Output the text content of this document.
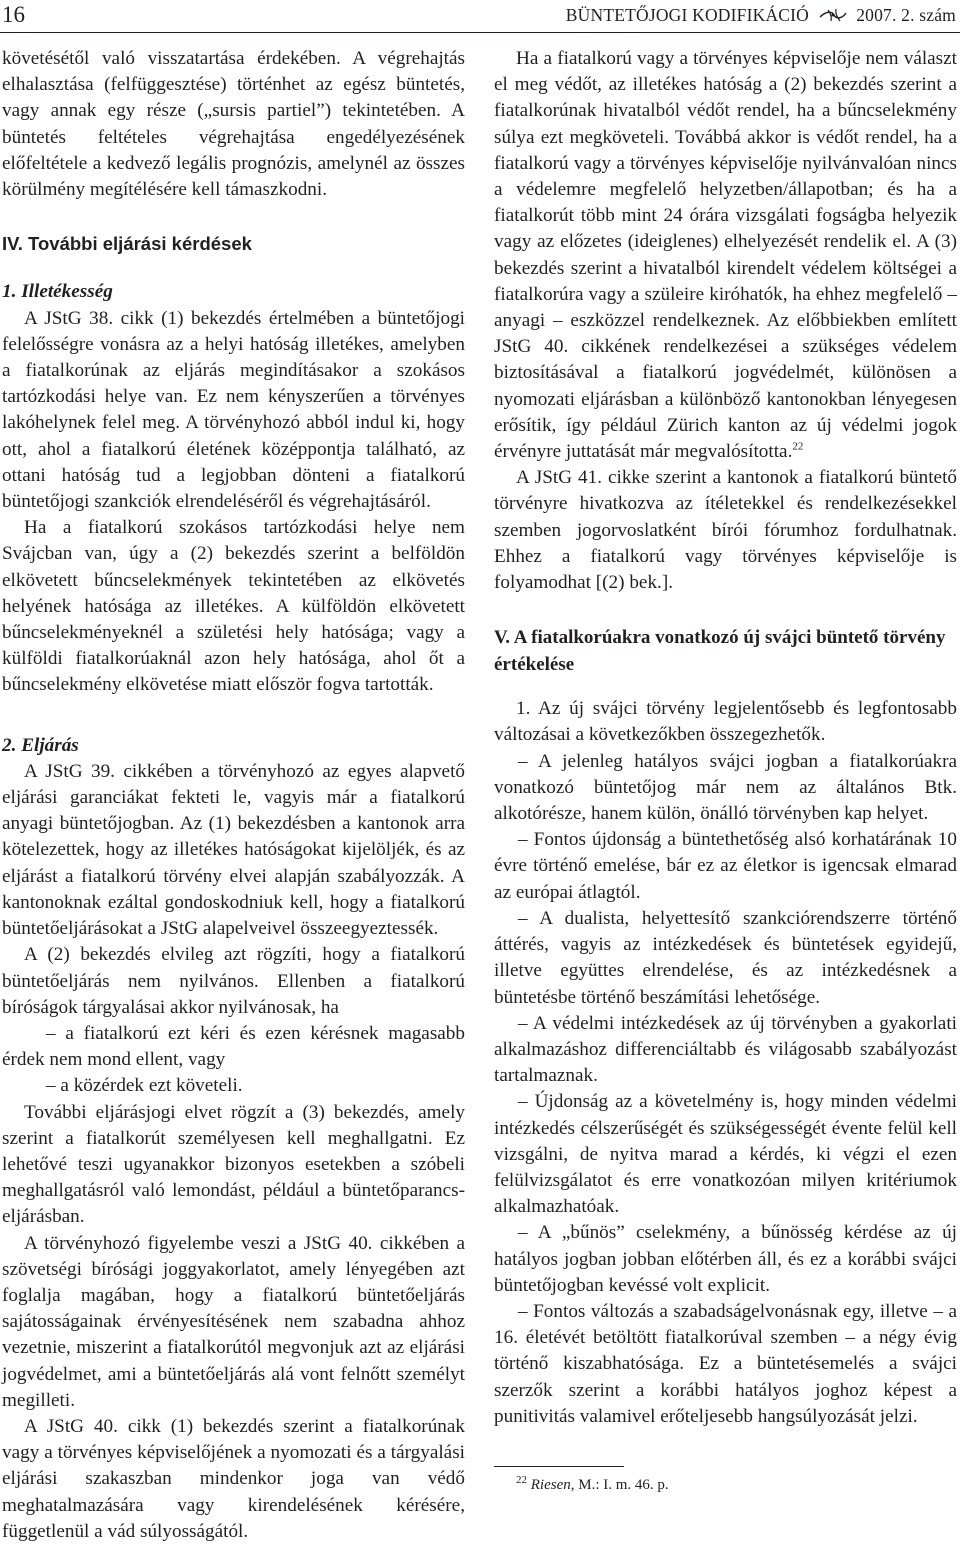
16	BÜNTETŐJOGI KODIFIKÁCIÓ	2007. 2. szám

követésétől való visszatartása érdekében. A végrehajtás elhalasztása (felfüggesztése) történhet az egész büntetés, vagy annak egy része („sursis partiel”) tekintetében. A büntetés feltételes végrehajtása engedélyezésének előfeltétele a kedvező legális prognózis, amelynél az összes körülmény megítélésére kell támaszkodni.

IV. További eljárási kérdések

1. Illetékesség

A JStG 38. cikk (1) bekezdés értelmében a büntetőjogi felelősségre vonásra az a helyi hatóság illetékes, amelyben a fiatalkorúnak az eljárás megindításakor a szokásos tartózkodási helye van. Ez nem kényszerűen a törvényes lakóhelynek felel meg. A törvényhozó abból indul ki, hogy ott, ahol a fiatalkorú életének középpontja található, az ottani hatóság tud a legjobban dönteni a fiatalkorú büntetőjogi szankciók elrendeléséről és végrehajtásáról.

Ha a fiatalkorú szokásos tartózkodási helye nem Svájcban van, úgy a (2) bekezdés szerint a belföldön elkövetett bűncselekmények tekintetében az elkövetés helyének hatósága az illetékes. A külföldön elkövetett bűncselekményeknél a születési hely hatósága; vagy a külföldi fiatalkorúaknál azon hely hatósága, ahol őt a bűncselekmény elkövetése miatt először fogva tartották.

2. Eljárás

A JStG 39. cikkében a törvényhozó az egyes alapvető eljárási garanciákat fekteti le, vagyis már a fiatalkorú anyagi büntetőjogban. Az (1) bekezdésben a kantonok arra kötelezettek, hogy az illetékes hatóságokat kijelöljék, és az eljárást a fiatalkorú törvény elvei alapján szabályozzák. A kantonoknak ezáltal gondoskodniuk kell, hogy a fiatalkorú büntetőeljárásokat a JStG alapelveivel összeegyeztessék.

A (2) bekezdés elvileg azt rögzíti, hogy a fiatalkorú büntetőeljárás nem nyilvános. Ellenben a fiatalkorú bíróságok tárgyalásai akkor nyilvánosak, ha

– a fiatalkorú ezt kéri és ezen kérésnek magasabb érdek nem mond ellent, vagy

– a közérdek ezt követeli.

További eljárásjogi elvet rögzít a (3) bekezdés, amely szerint a fiatalkorút személyesen kell meghallgatni. Ez lehetővé teszi ugyanakkor bizonyos esetekben a szóbeli meghallgatásról való lemondást, például a büntetőparancs-eljárásban.

A törvényhozó figyelembe veszi a JStG 40. cikkében a szövetségi bírósági joggyakorlatot, amely lényegében azt foglalja magában, hogy a fiatalkorú büntetőeljárás sajátosságainak érvényesítésének nem szabadna ahhoz vezetnie, miszerint a fiatalkorútól megvonjuk azt az eljárási jogvédelmet, ami a büntetőeljárás alá vont felnőtt személyt megilleti.

A JStG 40. cikk (1) bekezdés szerint a fiatalkorúnak vagy a törvényes képviselőjének a nyomozati és a tárgyalási eljárási szakaszban mindenkor joga van védő meghatalmazására vagy kirendelésének kérésére, függetlenül a vád súlyosságától.

Ha a fiatalkorú vagy a törvényes képviselője nem választ el meg védőt, az illetékes hatóság a (2) bekezdés szerint a fiatalkorúnak hivatalból védőt rendel, ha a bűncselekmény súlya ezt megköveteli. Továbbá akkor is védőt rendel, ha a fiatalkorú vagy a törvényes képviselője nyilvánvalóan nincs a védelemre megfelelő helyzetben/állapotban; és ha a fiatalkorút több mint 24 órára vizsgálati fogságba helyezik vagy az előzetes (ideiglenes) elhelyezését rendelik el. A (3) bekezdés szerint a hivatalból kirendelt védelem költségei a fiatalkorúra vagy a szüleire kiróhatók, ha ehhez megfelelő – anyagi – eszközzel rendelkeznek. Az előbbiekben említett JStG 40. cikkének rendelkezései a szükséges védelem biztosításával a fiatalkorú jogvédelmét, különösen a nyomozati eljárásban a különböző kantonokban lényegesen erősítik, így például Zürich kanton az új védelmi jogok érvényre juttatását már megvalósította.$^{22}$

A JStG 41. cikke szerint a kantonok a fiatalkorú büntető törvényre hivatkozva az ítéletekkel és rendelkezésekkel szemben jogorvoslatként bírói fórumhoz fordulhatnak. Ehhez a fiatalkorú vagy törvényes képviselője is folyamodhat [(2) bek.].

V. A fiatalkorúakra vonatkozó új svájci büntető törvény értékelése

1. Az új svájci törvény legjelentősebb és legfontosabb változásai a következőkben összegezhetők.

– A jelenleg hatályos svájci jogban a fiatalkorúakra vonatkozó büntetőjog már nem az általános Btk. alkotórésze, hanem külön, önálló törvényben kap helyet.

– Fontos újdonság a büntethetőség alsó korhatárának 10 évre történő emelése, bár ez az életkor is igencsak elmarad az európai átlagtól.

– A dualista, helyettesítő szankciórendszerre történő áttérés, vagyis az intézkedések és büntetések egyidejű, illetve együttes elrendelése, és az intézkedésnek a büntetésbe történő beszámítási lehetősége.

– A védelmi intézkedések az új törvényben a gyakorlati alkalmazáshoz differenciáltabb és világosabb szabályozást tartalmaznak.

– Újdonság az a követelmény is, hogy minden védelmi intézkedés célszerűségét és szükségességét évente felül kell vizsgálni, de nyitva marad a kérdés, ki végzi el ezen felülvizsgálatot és erre vonatkozóan milyen kritériumok alkalmazhatóak.

– A „bűnös” cselekmény, a bűnösség kérdése az új hatályos jogban jobban előtérben áll, és ez a korábbi svájci büntetőjogban kevéssé volt explicit.

– Fontos változás a szabadságelvonásnak egy, illetve – a 16. életévét betöltött fiatalkorúval szemben – a négy évig történő kiszabhatósága. Ez a büntetésemelés a svájci szerzők szerint a korábbi hatályos joghoz képest a punitivitás valamivel erőteljesebb hangsúlyozását jelzi.

$^{22}$ Riesen, M.: I. m. 46. p.
